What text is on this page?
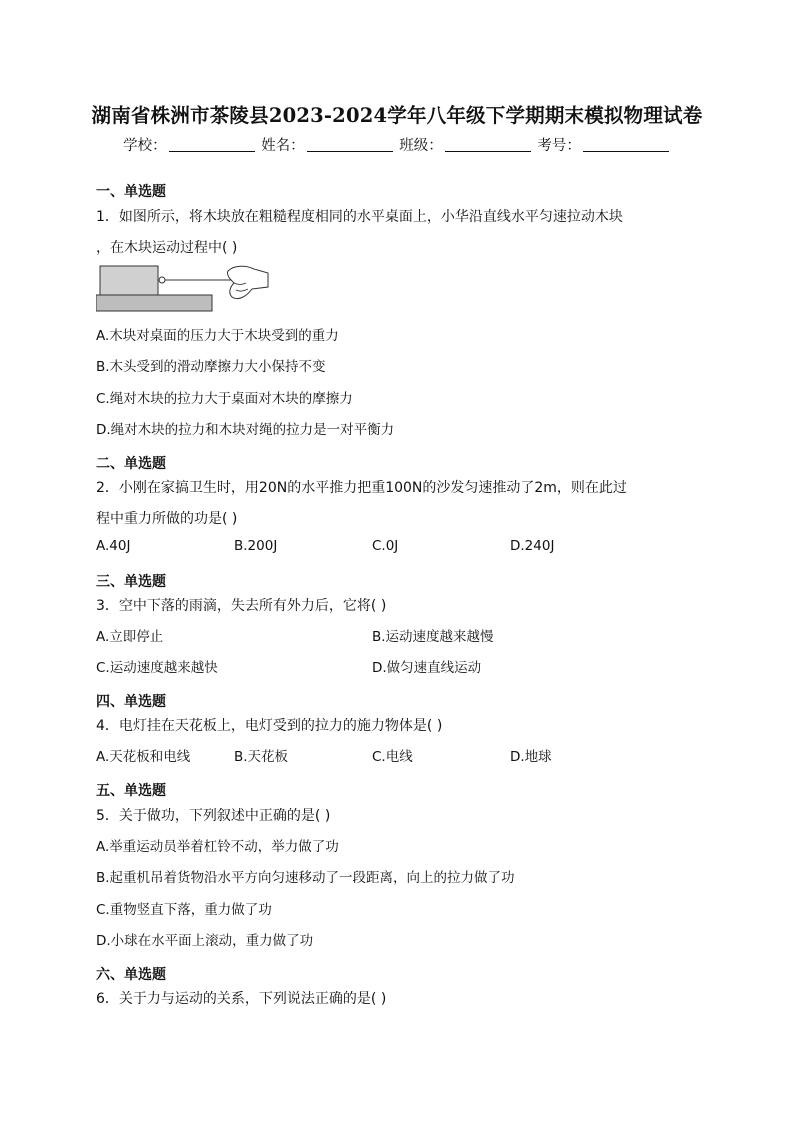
湖南省株洲市茶陵县2023-2024学年八年级下学期期末模拟物理试卷
学校：	姓名：	班级：	考号：
一、单选题
1．如图所示，将木块放在粗糙程度相同的水平桌面上，小华沿直线水平匀速拉动木块
，在木块运动过程中( )
A.木块对桌面的压力大于木块受到的重力
B.木头受到的滑动摩擦力大小保持不变
C.绳对木块的拉力大于桌面对木块的摩擦力
D.绳对木块的拉力和木块对绳的拉力是一对平衡力
二、单选题
2．小刚在家搞卫生时，用20N的水平推力把重100N的沙发匀速推动了2m，则在此过
程中重力所做的功是( )
A.40J	B.200J	C.0J	D.240J
三、单选题
3．空中下落的雨滴，失去所有外力后，它将( )
A.立即停止	B.运动速度越来越慢
C.运动速度越来越快	D.做匀速直线运动
四、单选题
4．电灯挂在天花板上，电灯受到的拉力的施力物体是( )
A.天花板和电线	B.天花板	C.电线	D.地球
五、单选题
5．关于做功，下列叙述中正确的是( )
A.举重运动员举着杠铃不动，举力做了功
B.起重机吊着货物沿水平方向匀速移动了一段距离，向上的拉力做了功
C.重物竖直下落，重力做了功
D.小球在水平面上滚动，重力做了功
六、单选题
6．关于力与运动的关系，下列说法正确的是( )
